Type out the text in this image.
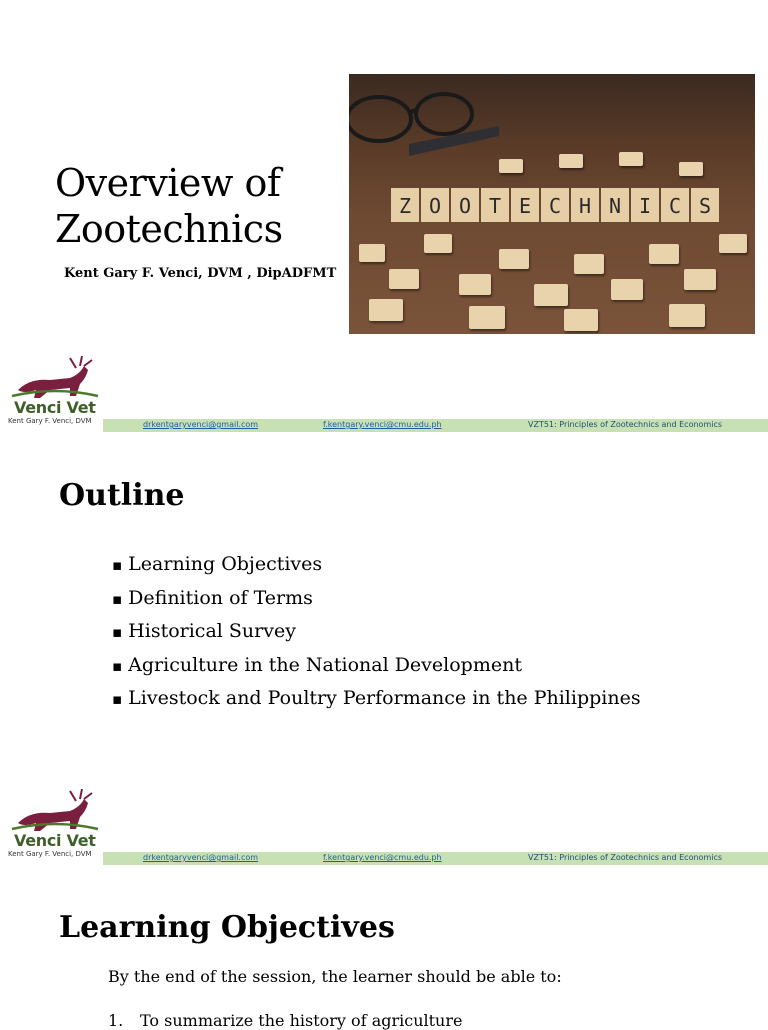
Overview of
Zootechnics

Kent Gary F. Venci, DVM , DipADFMT

Z O O T E C H N I C S

Venci Vet

Kent Gary F. Venci, DVM	drkentgaryvenci@gmail.com	f.kentgary.venci@cmu.edu.ph	VZT51: Principles of Zootechnics and Economics
Outline
▪ Learning Objectives
▪ Definition of Terms
▪ Historical Survey
▪ Agriculture in the National Development
▪ Livestock and Poultry Performance in the Philippines

Venci Vet

Kent Gary F. Venci, DVM	drkentgaryvenci@gmail.com	f.kentgary.venci@cmu.edu.ph	VZT51: Principles of Zootechnics and Economics
Learning Objectives

By the end of the session, the learner should be able to:

1. To summarize the history of agriculture
